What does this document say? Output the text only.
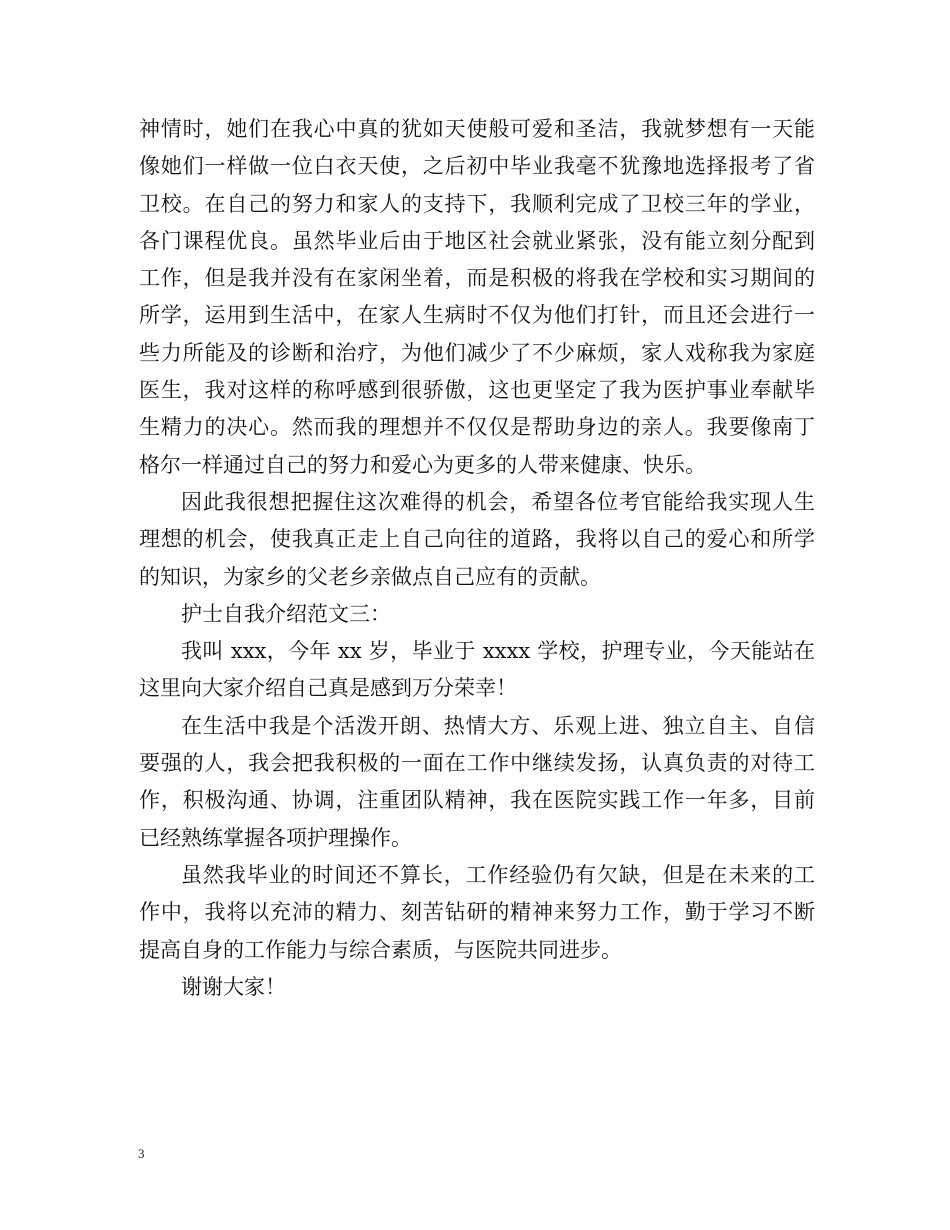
神情时，她们在我心中真的犹如天使般可爱和圣洁，我就梦想有一天能
像她们一样做一位白衣天使，之后初中毕业我毫不犹豫地选择报考了省
卫校。在自己的努力和家人的支持下，我顺利完成了卫校三年的学业，
各门课程优良。虽然毕业后由于地区社会就业紧张，没有能立刻分配到
工作，但是我并没有在家闲坐着，而是积极的将我在学校和实习期间的
所学，运用到生活中，在家人生病时不仅为他们打针，而且还会进行一
些力所能及的诊断和治疗，为他们减少了不少麻烦，家人戏称我为家庭
医生，我对这样的称呼感到很骄傲，这也更坚定了我为医护事业奉献毕
生精力的决心。然而我的理想并不仅仅是帮助身边的亲人。我要像南丁
格尔一样通过自己的努力和爱心为更多的人带来健康、快乐。
因此我很想把握住这次难得的机会，希望各位考官能给我实现人生
理想的机会，使我真正走上自己向往的道路，我将以自己的爱心和所学
的知识，为家乡的父老乡亲做点自己应有的贡献。
护士自我介绍范文三：
我叫 xxx，今年 xx 岁，毕业于 xxxx 学校，护理专业，今天能站在
这里向大家介绍自己真是感到万分荣幸！
在生活中我是个活泼开朗、热情大方、乐观上进、独立自主、自信
要强的人，我会把我积极的一面在工作中继续发扬，认真负责的对待工
作，积极沟通、协调，注重团队精神，我在医院实践工作一年多，目前
已经熟练掌握各项护理操作。
虽然我毕业的时间还不算长，工作经验仍有欠缺，但是在未来的工
作中，我将以充沛的精力、刻苦钻研的精神来努力工作，勤于学习不断
提高自身的工作能力与综合素质，与医院共同进步。
谢谢大家！
3
